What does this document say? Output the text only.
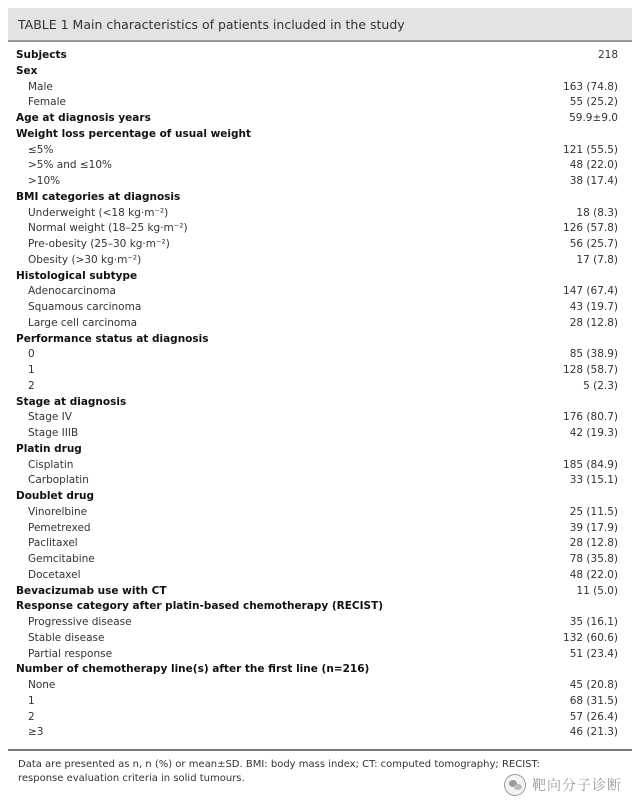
TABLE 1 Main characteristics of patients included in the study
Subjects	218
Sex
Male	163 (74.8)
Female	55 (25.2)
Age at diagnosis years	59.9±9.0
Weight loss percentage of usual weight
≤5%	121 (55.5)
>5% and ≤10%	48 (22.0)
>10%	38 (17.4)
BMI categories at diagnosis
Underweight (<18 kg·m⁻²)	18 (8.3)
Normal weight (18–25 kg·m⁻²)	126 (57.8)
Pre-obesity (25–30 kg·m⁻²)	56 (25.7)
Obesity (>30 kg·m⁻²)	17 (7.8)
Histological subtype
Adenocarcinoma	147 (67.4)
Squamous carcinoma	43 (19.7)
Large cell carcinoma	28 (12.8)
Performance status at diagnosis
0	85 (38.9)
1	128 (58.7)
2	5 (2.3)
Stage at diagnosis
Stage IV	176 (80.7)
Stage IIIB	42 (19.3)
Platin drug
Cisplatin	185 (84.9)
Carboplatin	33 (15.1)
Doublet drug
Vinorelbine	25 (11.5)
Pemetrexed	39 (17.9)
Paclitaxel	28 (12.8)
Gemcitabine	78 (35.8)
Docetaxel	48 (22.0)
Bevacizumab use with CT	11 (5.0)
Response category after platin-based chemotherapy (RECIST)
Progressive disease	35 (16.1)
Stable disease	132 (60.6)
Partial response	51 (23.4)
Number of chemotherapy line(s) after the first line (n=216)
None	45 (20.8)
1	68 (31.5)
2	57 (26.4)
≥3	46 (21.3)
Data are presented as n, n (%) or mean±SD. BMI: body mass index; CT: computed tomography; RECIST: response evaluation criteria in solid tumours.	靶向分子诊断
